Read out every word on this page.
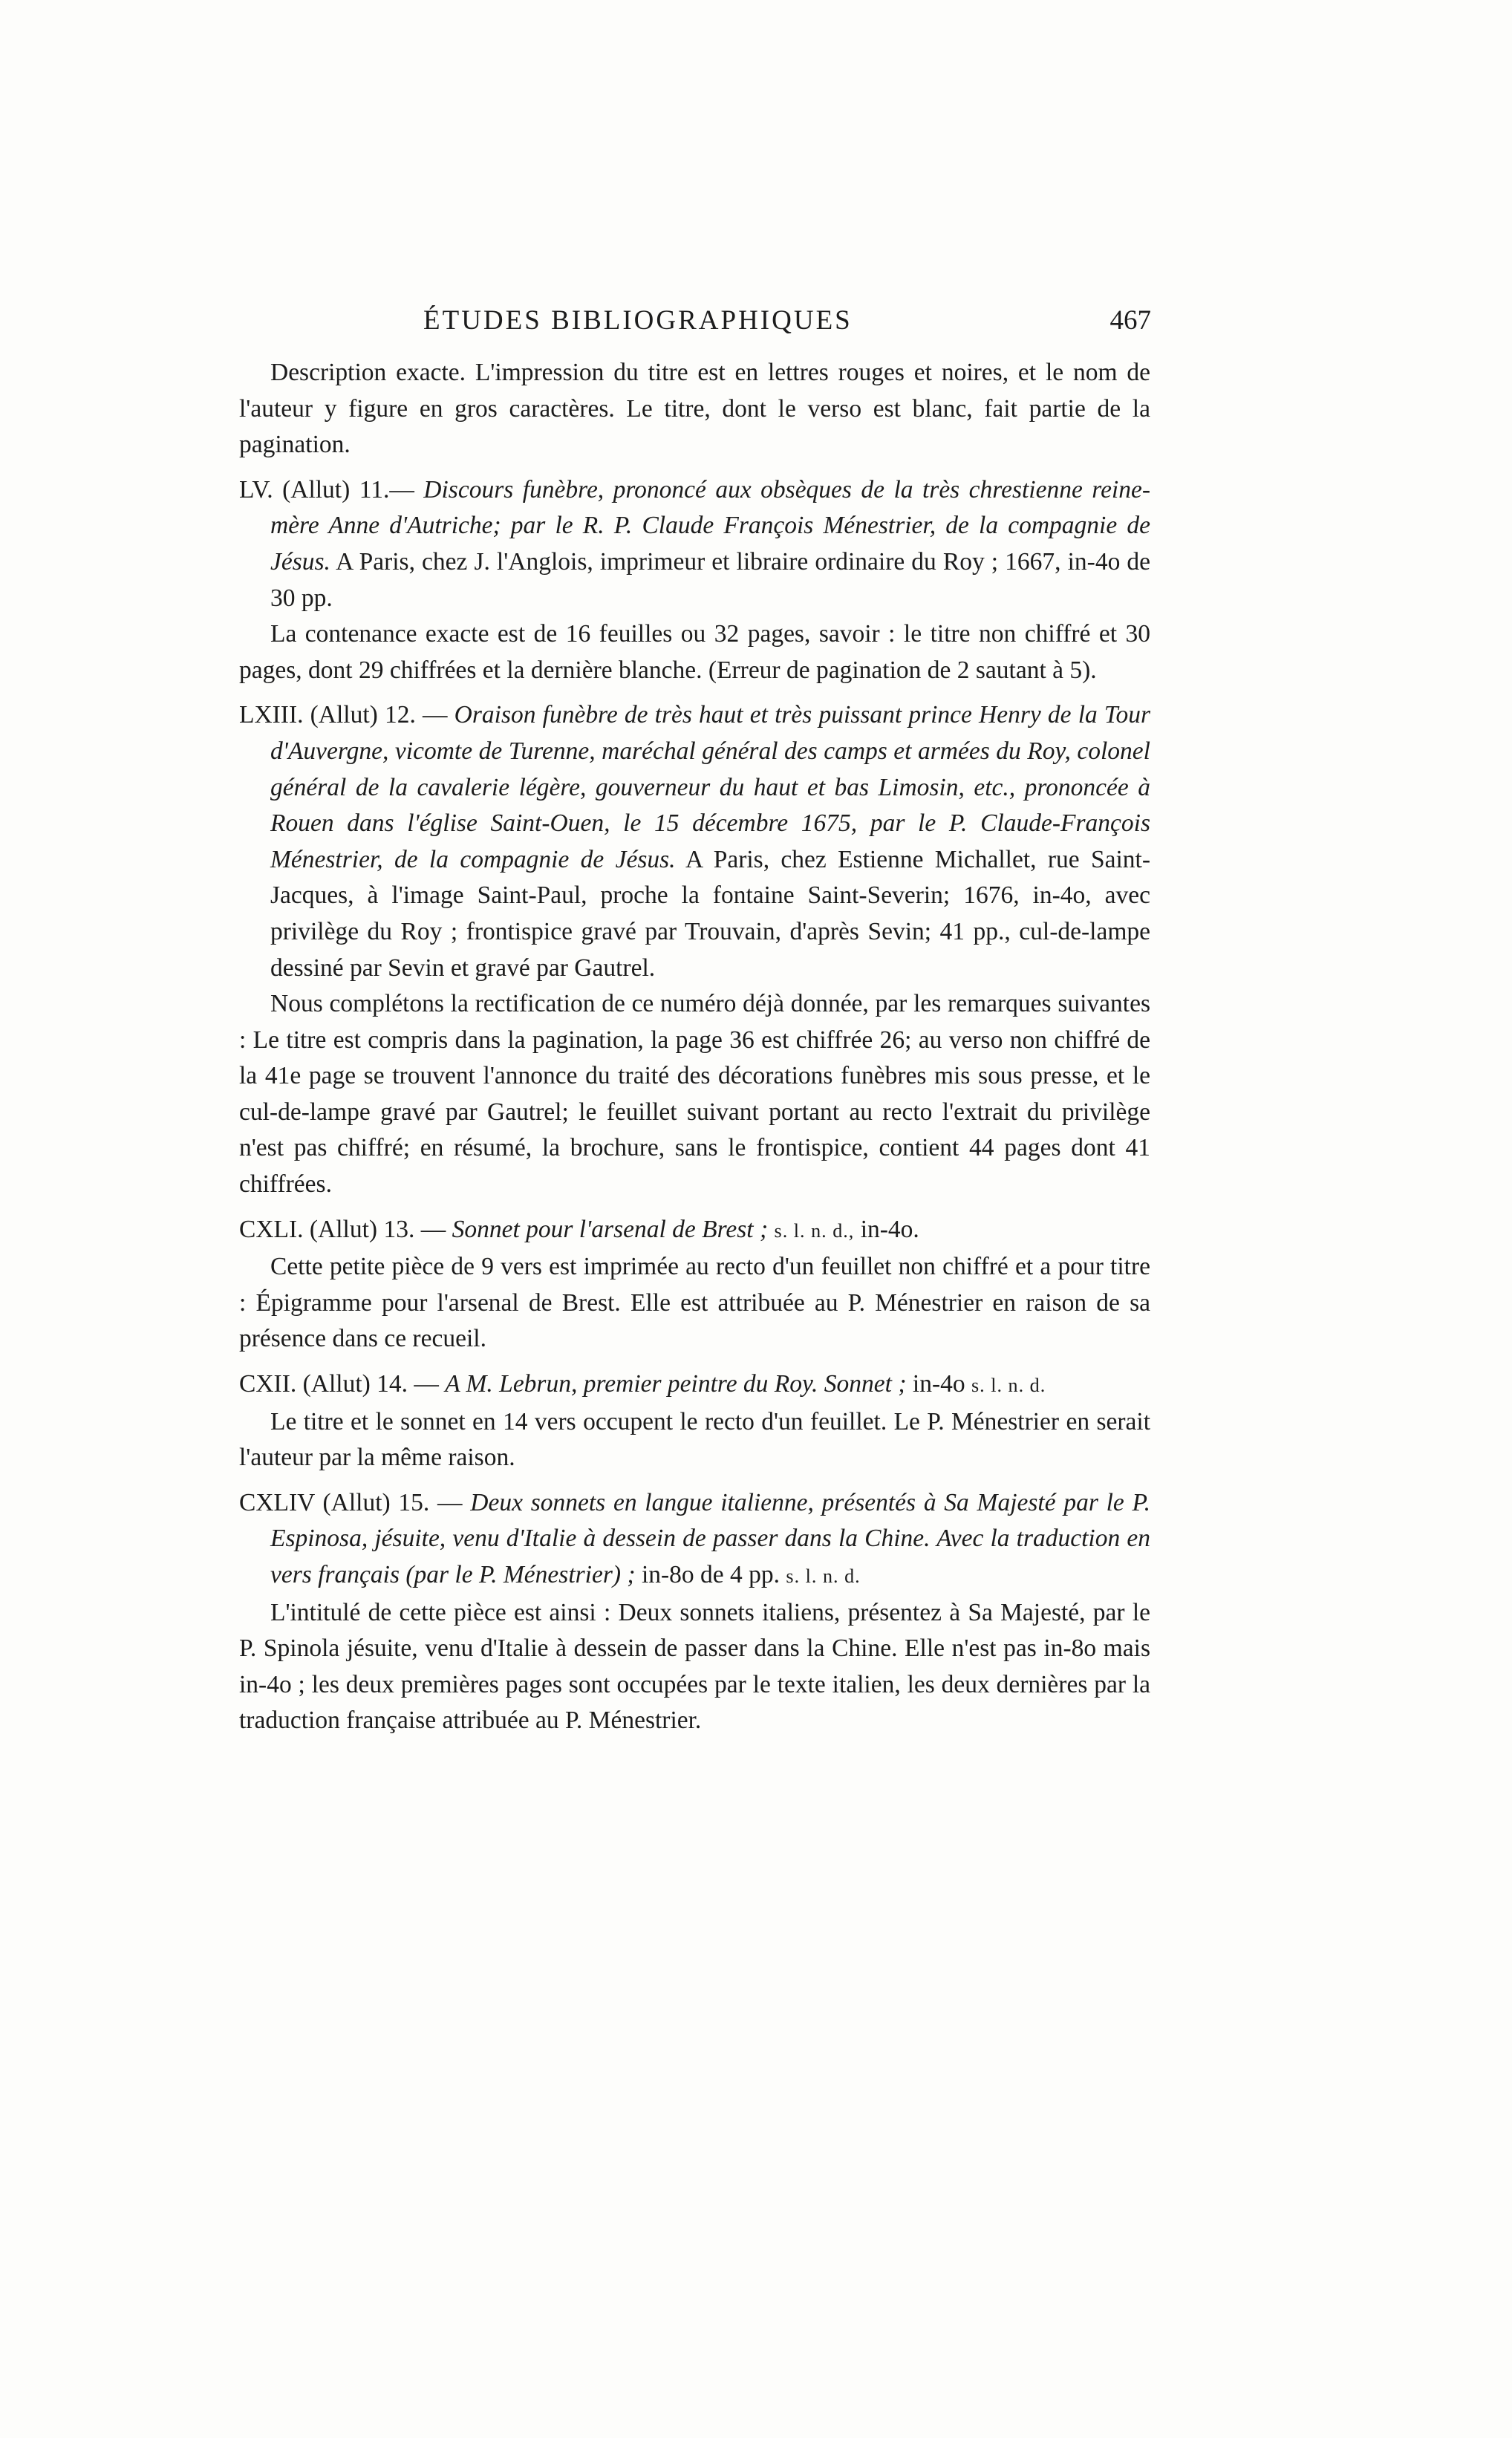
ÉTUDES BIBLIOGRAPHIQUES	467

Description exacte. L'impression du titre est en lettres rouges et noires, et le nom de l'auteur y figure en gros caractères. Le titre, dont le verso est blanc, fait partie de la pagination.

LV. (Allut) 11.— Discours funèbre, prononcé aux obsèques de la très chrestienne reine-mère Anne d'Autriche; par le R. P. Claude François Ménestrier, de la compagnie de Jésus. A Paris, chez J. l'Anglois, imprimeur et libraire ordinaire du Roy ; 1667, in-4o de 30 pp.

La contenance exacte est de 16 feuilles ou 32 pages, savoir : le titre non chiffré et 30 pages, dont 29 chiffrées et la dernière blanche. (Erreur de pagination de 2 sautant à 5).

LXIII. (Allut) 12. — Oraison funèbre de très haut et très puissant prince Henry de la Tour d'Auvergne, vicomte de Turenne, maréchal général des camps et armées du Roy, colonel général de la cavalerie légère, gouverneur du haut et bas Limosin, etc., prononcée à Rouen dans l'église Saint-Ouen, le 15 décembre 1675, par le P. Claude-François Ménestrier, de la compagnie de Jésus. A Paris, chez Estienne Michallet, rue Saint-Jacques, à l'image Saint-Paul, proche la fontaine Saint-Severin; 1676, in-4o, avec privilège du Roy ; frontispice gravé par Trouvain, d'après Sevin; 41 pp., cul-de-lampe dessiné par Sevin et gravé par Gautrel.

Nous complétons la rectification de ce numéro déjà donnée, par les remarques suivantes : Le titre est compris dans la pagination, la page 36 est chiffrée 26; au verso non chiffré de la 41e page se trouvent l'annonce du traité des décorations funèbres mis sous presse, et le cul-de-lampe gravé par Gautrel; le feuillet suivant portant au recto l'extrait du privilège n'est pas chiffré; en résumé, la brochure, sans le frontispice, contient 44 pages dont 41 chiffrées.

CXLI. (Allut) 13. — Sonnet pour l'arsenal de Brest ; s. l. n. d., in-4o.

Cette petite pièce de 9 vers est imprimée au recto d'un feuillet non chiffré et a pour titre : Épigramme pour l'arsenal de Brest. Elle est attribuée au P. Ménestrier en raison de sa présence dans ce recueil.

CXII. (Allut) 14. — A M. Lebrun, premier peintre du Roy. Sonnet ; in-4o s. l. n. d.

Le titre et le sonnet en 14 vers occupent le recto d'un feuillet. Le P. Ménestrier en serait l'auteur par la même raison.

CXLIV (Allut) 15. — Deux sonnets en langue italienne, présentés à Sa Majesté par le P. Espinosa, jésuite, venu d'Italie à dessein de passer dans la Chine. Avec la traduction en vers français (par le P. Ménestrier) ; in-8o de 4 pp. s. l. n. d.

L'intitulé de cette pièce est ainsi : Deux sonnets italiens, présentez à Sa Majesté, par le P. Spinola jésuite, venu d'Italie à dessein de passer dans la Chine. Elle n'est pas in-8o mais in-4o ; les deux premières pages sont occupées par le texte italien, les deux dernières par la traduction française attribuée au P. Ménestrier.
